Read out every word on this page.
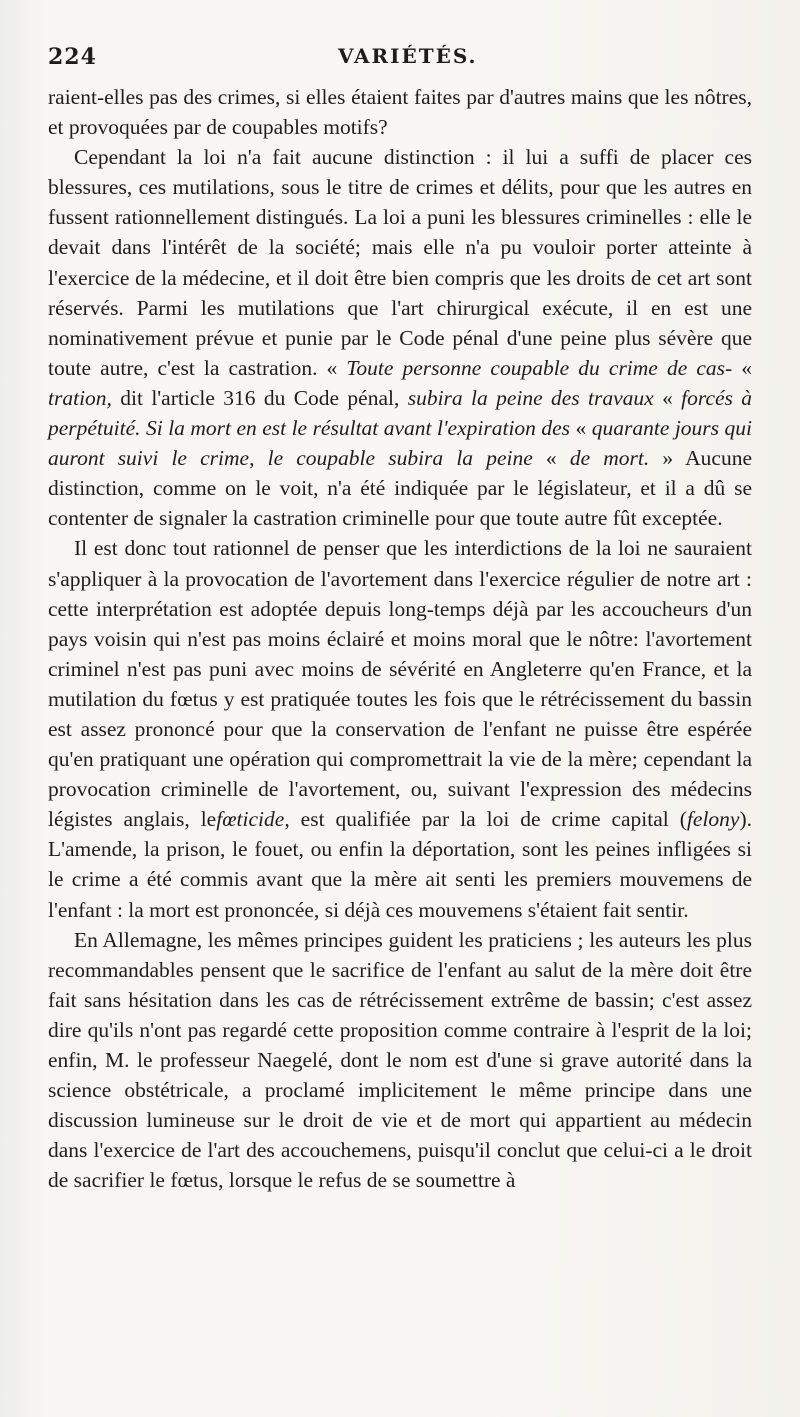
224	VARIÉTÉS.

raient-elles pas des crimes, si elles étaient faites par d'autres mains que les nôtres, et provoquées par de coupables motifs?

Cependant la loi n'a fait aucune distinction : il lui a suffi de placer ces blessures, ces mutilations, sous le titre de crimes et délits, pour que les autres en fussent rationnellement distingués. La loi a puni les blessures criminelles : elle le devait dans l'intérêt de la société; mais elle n'a pu vouloir porter atteinte à l'exercice de la médecine, et il doit être bien compris que les droits de cet art sont réservés. Parmi les mutilations que l'art chirurgical exécute, il en est une nominativement prévue et punie par le Code pénal d'une peine plus sévère que toute autre, c'est la castration. « Toute personne coupable du crime de cas- « tration, dit l'article 316 du Code pénal, subira la peine des travaux « forcés à perpétuité. Si la mort en est le résultat avant l'expiration des « quarante jours qui auront suivi le crime, le coupable subira la peine « de mort. » Aucune distinction, comme on le voit, n'a été indiquée par le législateur, et il a dû se contenter de signaler la castration criminelle pour que toute autre fût exceptée.

Il est donc tout rationnel de penser que les interdictions de la loi ne sauraient s'appliquer à la provocation de l'avortement dans l'exercice régulier de notre art : cette interprétation est adoptée depuis long-temps déjà par les accoucheurs d'un pays voisin qui n'est pas moins éclairé et moins moral que le nôtre: l'avortement criminel n'est pas puni avec moins de sévérité en Angleterre qu'en France, et la mutilation du fœtus y est pratiquée toutes les fois que le rétrécissement du bassin est assez prononcé pour que la conservation de l'enfant ne puisse être espérée qu'en pratiquant une opération qui compromettrait la vie de la mère; cependant la provocation criminelle de l'avortement, ou, suivant l'expression des médecins légistes anglais, lefœticide, est qualifiée par la loi de crime capital (felony). L'amende, la prison, le fouet, ou enfin la déportation, sont les peines infligées si le crime a été commis avant que la mère ait senti les premiers mouvemens de l'enfant : la mort est prononcée, si déjà ces mouvemens s'étaient fait sentir.

En Allemagne, les mêmes principes guident les praticiens ; les auteurs les plus recommandables pensent que le sacrifice de l'enfant au salut de la mère doit être fait sans hésitation dans les cas de rétrécissement extrême de bassin; c'est assez dire qu'ils n'ont pas regardé cette proposition comme contraire à l'esprit de la loi; enfin, M. le professeur Naegelé, dont le nom est d'une si grave autorité dans la science obstétricale, a proclamé implicitement le même principe dans une discussion lumineuse sur le droit de vie et de mort qui appartient au médecin dans l'exercice de l'art des accouchemens, puisqu'il conclut que celui-ci a le droit de sacrifier le fœtus, lorsque le refus de se soumettre à
